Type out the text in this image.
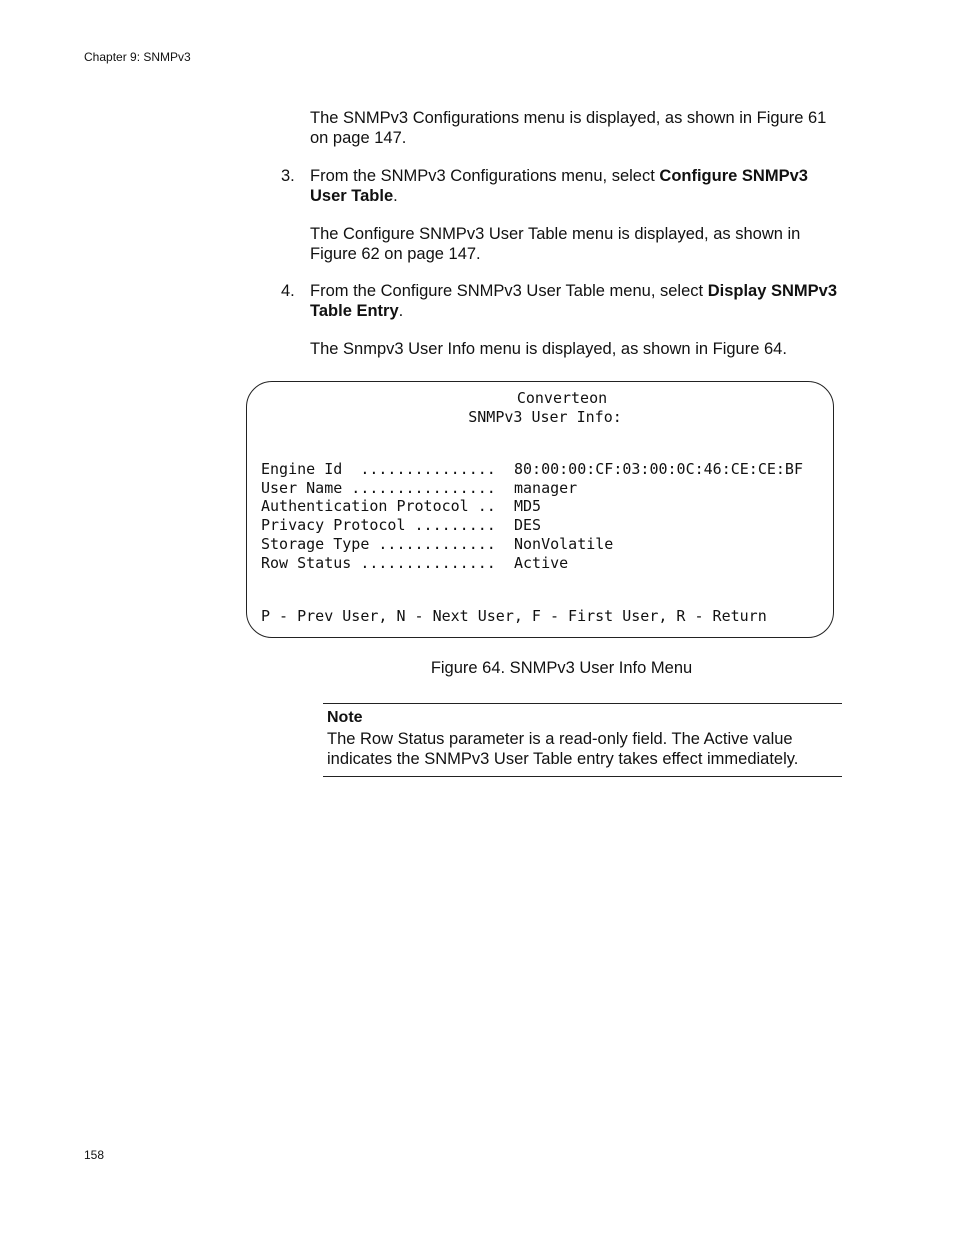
Chapter 9: SNMPv3
The SNMPv3 Configurations menu is displayed, as shown in Figure 61 on page 147.
3. From the SNMPv3 Configurations menu, select Configure SNMPv3 User Table.
The Configure SNMPv3 User Table menu is displayed, as shown in Figure 62 on page 147.
4. From the Configure SNMPv3 User Table menu, select Display SNMPv3 Table Entry.
The Snmpv3 User Info menu is displayed, as shown in Figure 64.
Converteon
SNMPv3 User Info:
Engine Id  ............... 80:00:00:CF:03:00:0C:46:CE:CE:BF
User Name ................ manager
Authentication Protocol .. MD5
Privacy Protocol ......... DES
Storage Type ............. NonVolatile
Row Status ............... Active
P - Prev User, N - Next User, F - First User, R - Return
Figure 64. SNMPv3 User Info Menu
Note
The Row Status parameter is a read-only field. The Active value indicates the SNMPv3 User Table entry takes effect immediately.
158
